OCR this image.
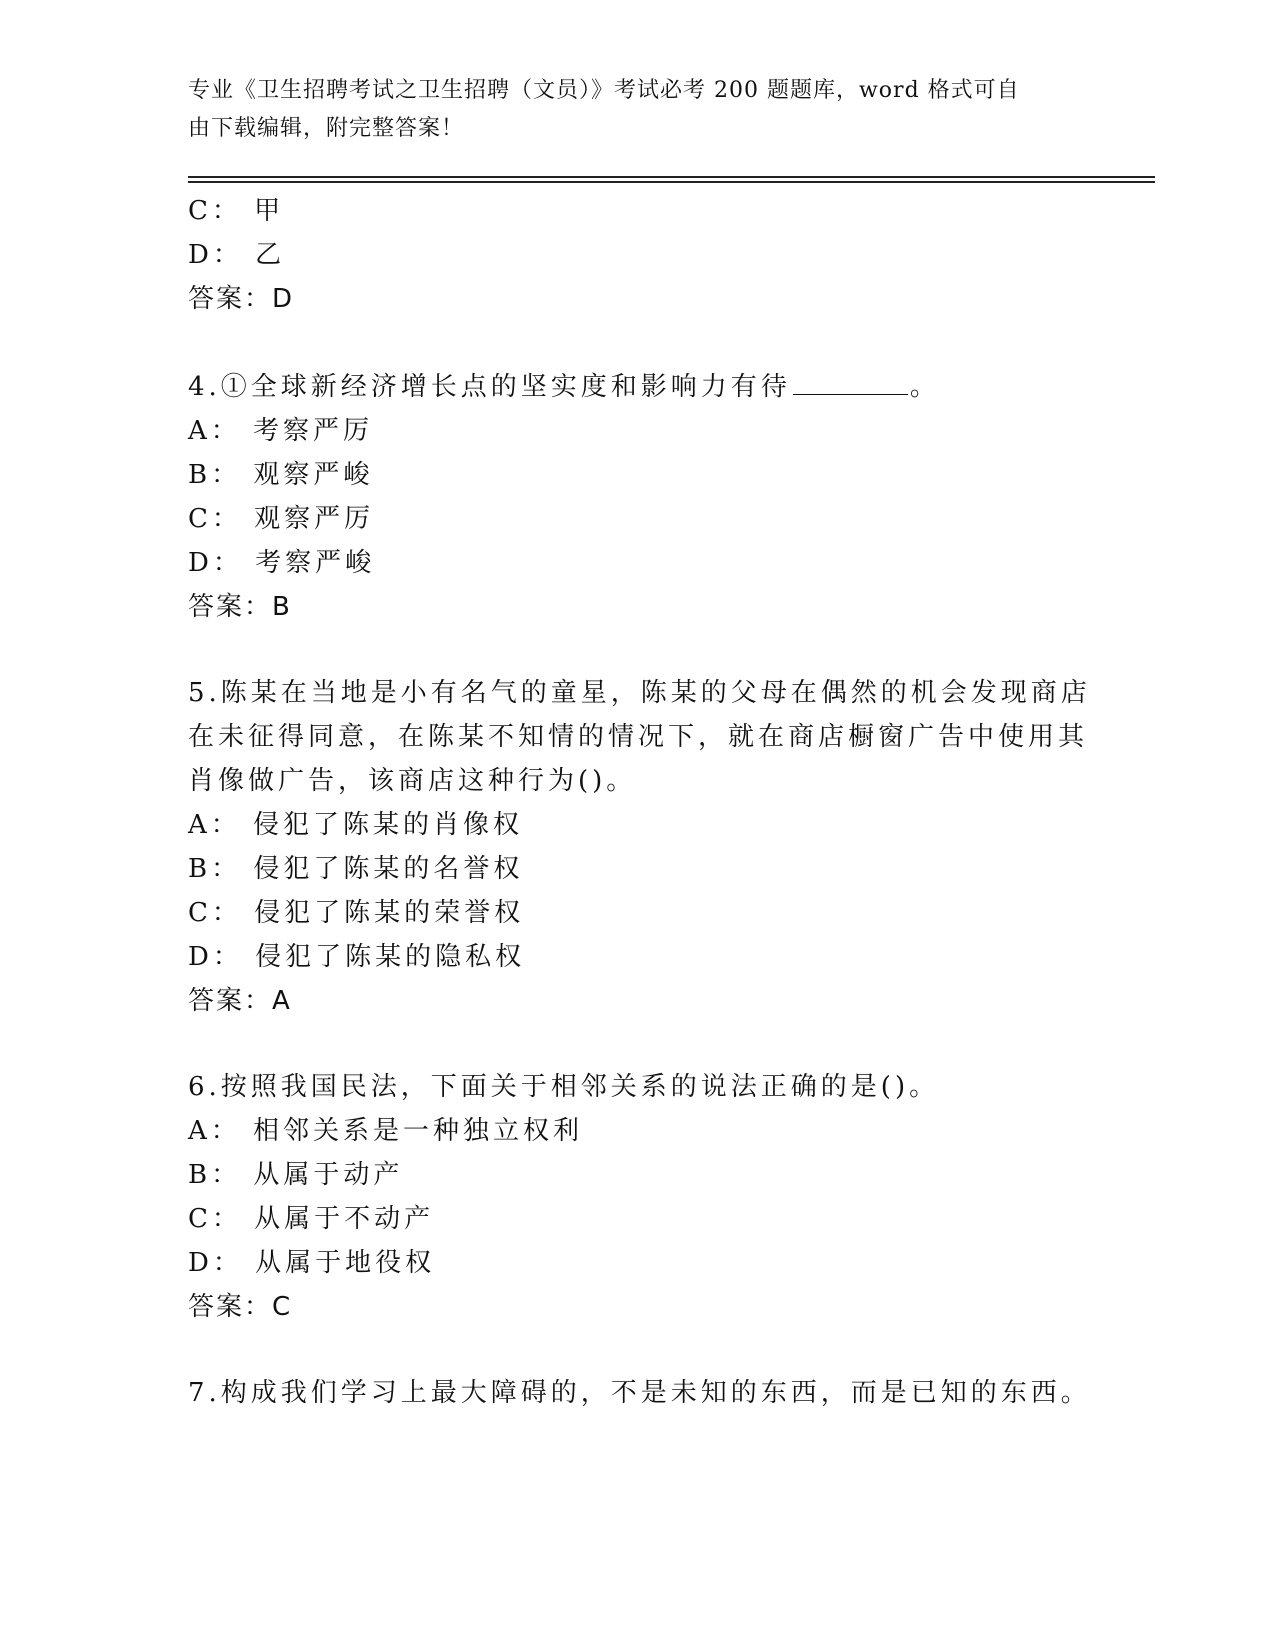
专业《卫生招聘考试之卫生招聘（文员）》考试必考 200 题题库，word 格式可自
由下载编辑，附完整答案！
C： 甲
D： 乙
答案：D
4.①全球新经济增长点的坚实度和影响力有待	。
A： 考察严厉
B： 观察严峻
C： 观察严厉
D： 考察严峻
答案：B
5.陈某在当地是小有名气的童星，陈某的父母在偶然的机会发现商店
在未征得同意，在陈某不知情的情况下，就在商店橱窗广告中使用其
肖像做广告，该商店这种行为()。
A： 侵犯了陈某的肖像权
B： 侵犯了陈某的名誉权
C： 侵犯了陈某的荣誉权
D： 侵犯了陈某的隐私权
答案：A
6.按照我国民法，下面关于相邻关系的说法正确的是()。
A： 相邻关系是一种独立权利
B： 从属于动产
C： 从属于不动产
D： 从属于地役权
答案：C
7.构成我们学习上最大障碍的，不是未知的东西，而是已知的东西。
